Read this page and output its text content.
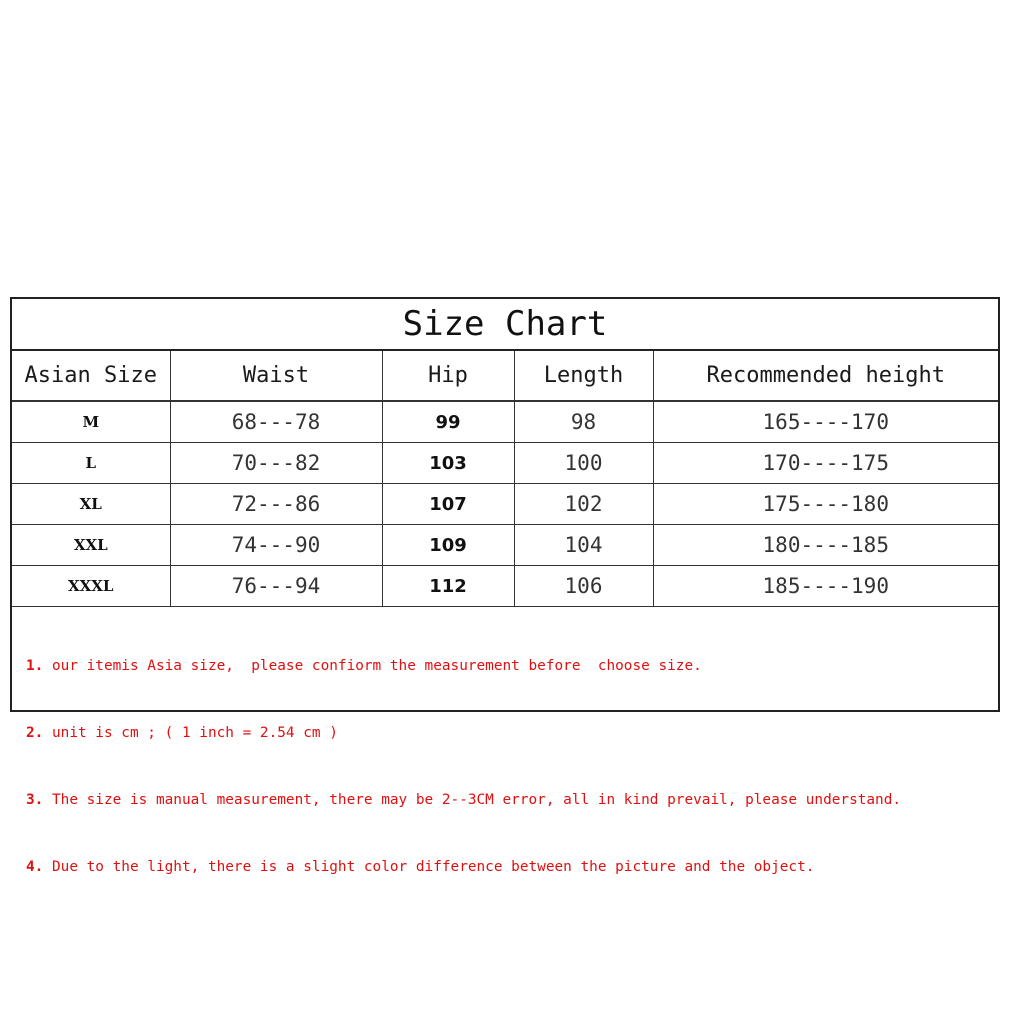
Size Chart
Asian Size	Waist	Hip	Length	Recommended height
M	68---78	99	98	165----170
L	70---82	103	100	170----175
XL	72---86	107	102	175----180
XXL	74---90	109	104	180----185
XXXL	76---94	112	106	185----190

1. our itemis Asia size,  please confiorm the measurement before  choose size.

2. unit is cm ; ( 1 inch = 2.54 cm )

3. The size is manual measurement, there may be 2--3CM error, all in kind prevail, please understand.

4. Due to the light, there is a slight color difference between the picture and the object.
